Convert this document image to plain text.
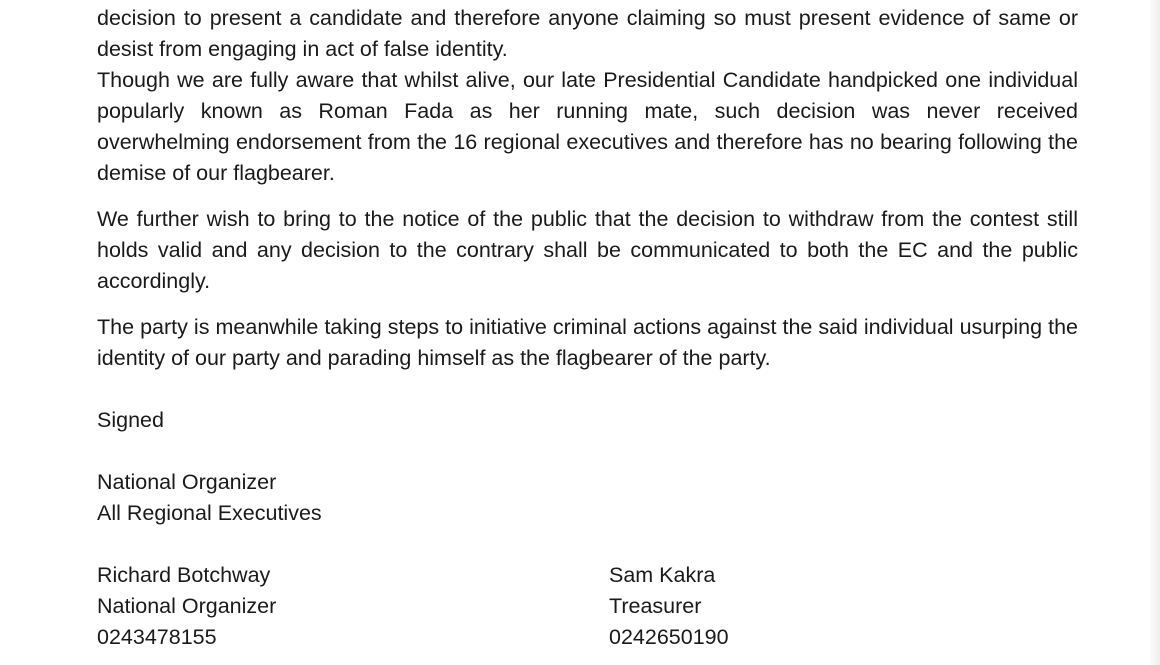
decision to present a candidate and therefore anyone claiming so must present evidence of same or desist from engaging in act of false identity.

Though we are fully aware that whilst alive, our late Presidential Candidate handpicked one individual popularly known as Roman Fada as her running mate, such decision was never received overwhelming endorsement from the 16 regional executives and therefore has no bearing following the demise of our flagbearer.

We further wish to bring to the notice of the public that the decision to withdraw from the contest still holds valid and any decision to the contrary shall be communicated to both the EC and the public accordingly.

The party is meanwhile taking steps to initiative criminal actions against the said individual usurping the identity of our party and parading himself as the flagbearer of the party.

Signed
National Organizer
All Regional Executives
Richard Botchway
National Organizer
0243478155
Sam Kakra
Treasurer
0242650190
